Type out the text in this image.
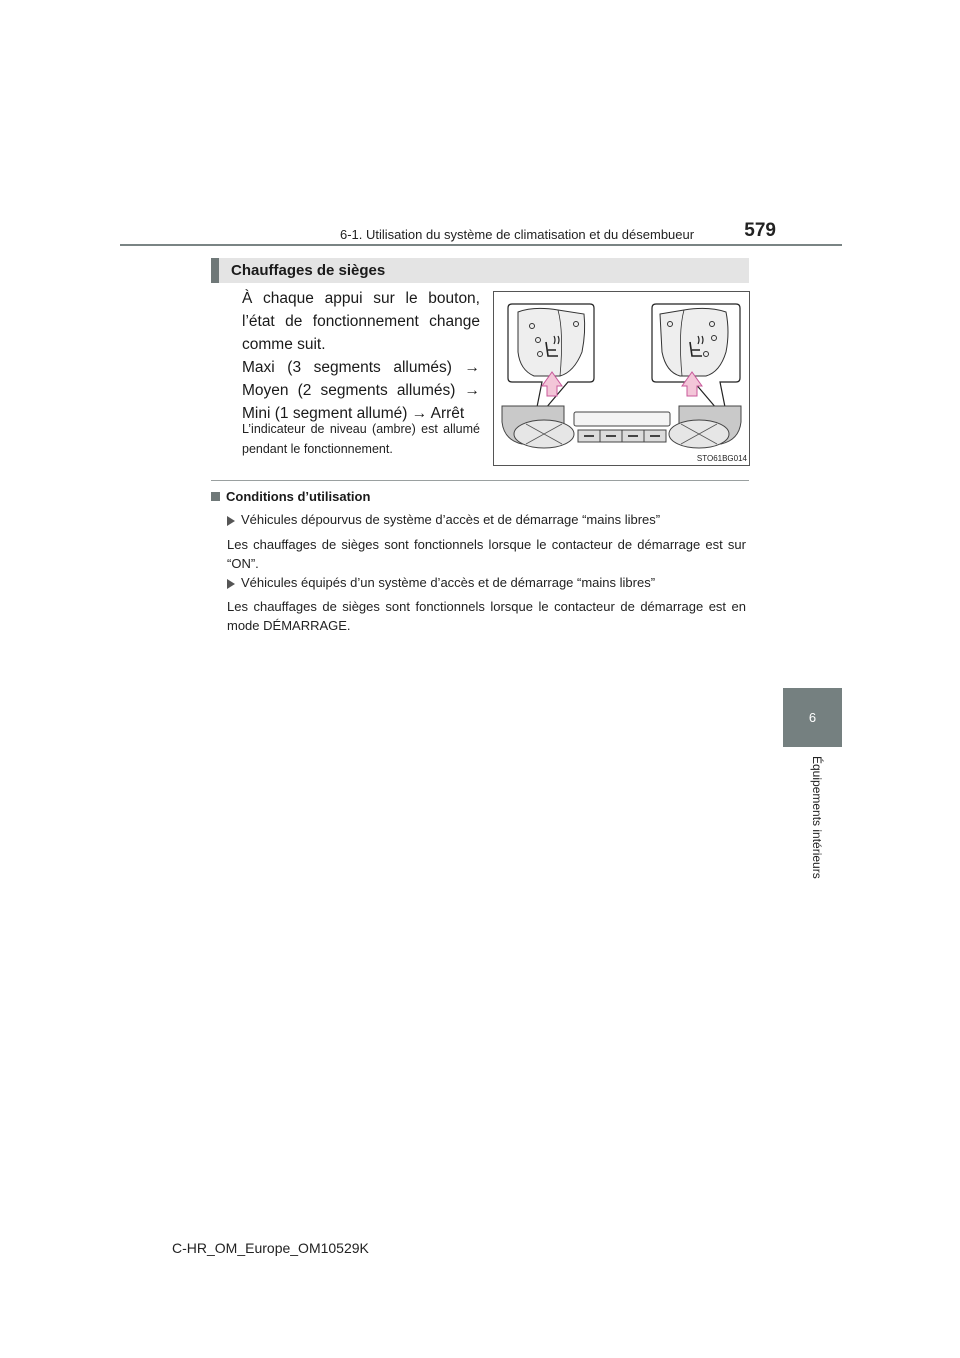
6-1. Utilisation du système de climatisation et du désembueur	579
6
Équipements intérieurs
Chauffages de sièges

À chaque appui sur le bouton, l’état de fonctionnement change comme suit.

Maxi (3 segments allumés) → Moyen (2 segments allumés) → Mini (1 segment allumé) → Arrêt

L’indicateur de niveau (ambre) est allumé pendant le fonctionnement.
STO61BG014
Conditions d’utilisation
Véhicules dépourvus de système d’accès et de démarrage “mains libres”
Les chauffages de sièges sont fonctionnels lorsque le contacteur de démarrage est sur “ON”.
Véhicules équipés d’un système d’accès et de démarrage “mains libres”
Les chauffages de sièges sont fonctionnels lorsque le contacteur de démarrage est en mode DÉMARRAGE.
C-HR_OM_Europe_OM10529K
